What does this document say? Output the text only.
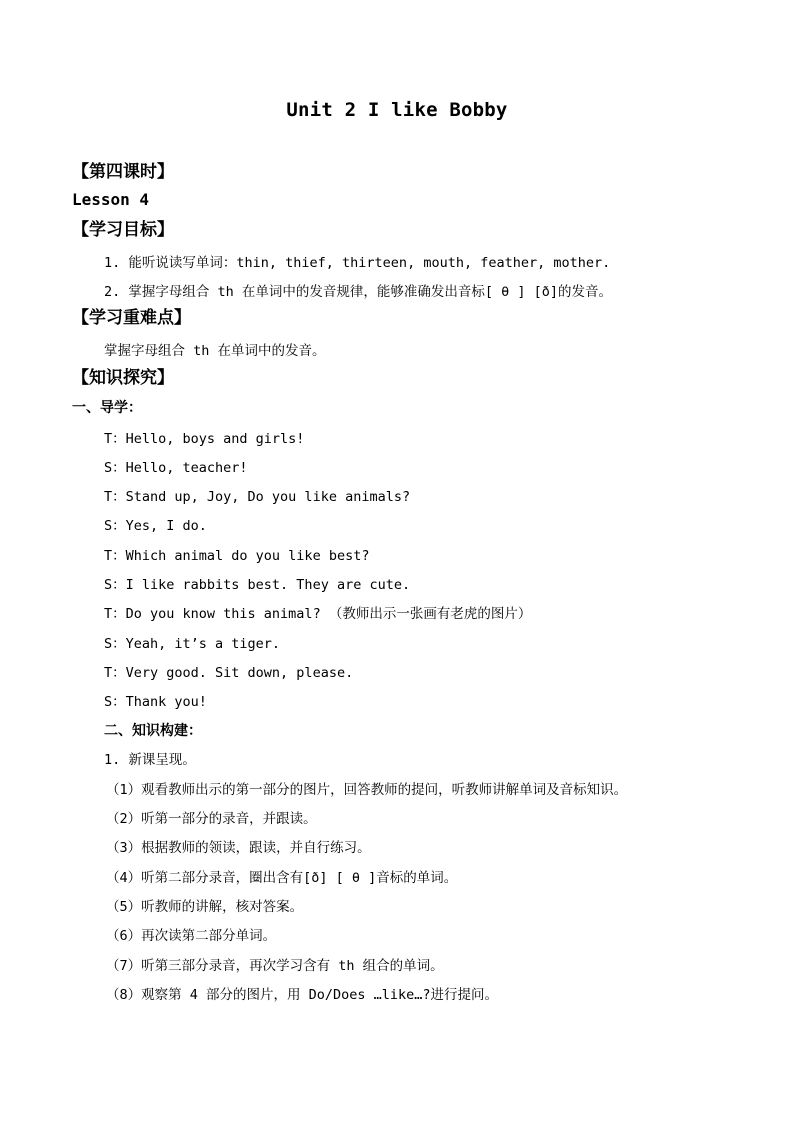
Unit 2 I like Bobby
【第四课时】
Lesson 4
【学习目标】
1. 能听说读写单词：thin, thief, thirteen, mouth, feather, mother.
2. 掌握字母组合 th 在单词中的发音规律，能够准确发出音标[ θ ] [ð]的发音。
【学习重难点】
掌握字母组合 th 在单词中的发音。
【知识探究】
一、导学：
T：Hello, boys and girls!
S：Hello, teacher!
T：Stand up, Joy, Do you like animals?
S：Yes, I do.
T：Which animal do you like best?
S：I like rabbits best. They are cute.
T：Do you know this animal? （教师出示一张画有老虎的图片）
S：Yeah, it’s a tiger.
T：Very good. Sit down, please.
S：Thank you!
二、知识构建：
1. 新课呈现。
（1）观看教师出示的第一部分的图片，回答教师的提问，听教师讲解单词及音标知识。
（2）听第一部分的录音，并跟读。
（3）根据教师的领读，跟读，并自行练习。
（4）听第二部分录音，圈出含有[ð] [ θ ]音标的单词。
（5）听教师的讲解，核对答案。
（6）再次读第二部分单词。
（7）听第三部分录音，再次学习含有 th 组合的单词。
（8）观察第 4 部分的图片，用 Do/Does …like…?进行提问。
